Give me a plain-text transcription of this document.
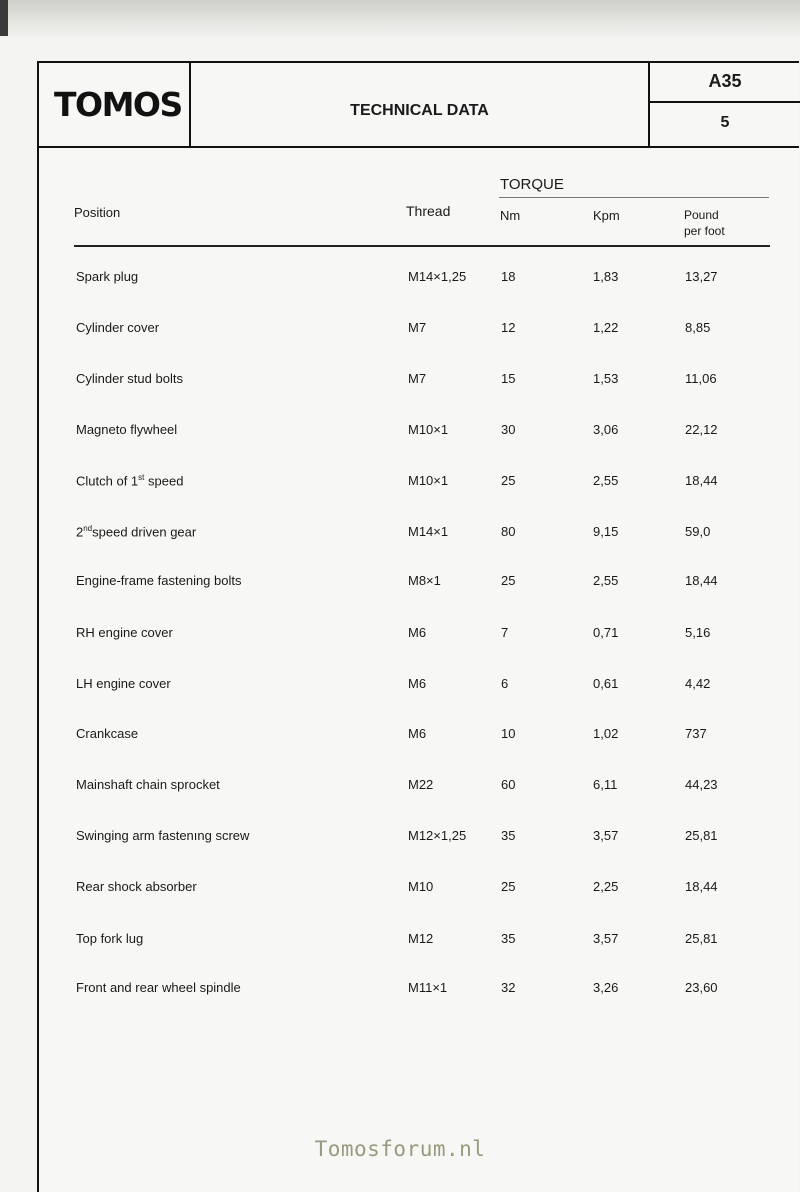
TOMOS	TECHNICAL DATA
A35
5
Position	Thread
TORQUE
Nm	Kpm	Pound
per foot
Spark plug	M14×1,25	18	1,83	13,27
Cylinder cover	M7	12	1,22	8,85
Cylinder stud bolts	M7	15	1,53	11,06
Magneto flywheel	M10×1	30	3,06	22,12
Clutch of 1st speed	M10×1	25	2,55	18,44
2ndspeed driven gear	M14×1	80	9,15	59,0
Engine-frame fastening bolts	M8×1	25	2,55	18,44
RH engine cover	M6	7	0,71	5,16
LH engine cover	M6	6	0,61	4,42
Crankcase	M6	10	1,02	737
Mainshaft chain sprocket	M22	60	6,11	44,23
Swinging arm fastenıng screw	M12×1,25	35	3,57	25,81
Rear shock absorber	M10	25	2,25	18,44
Top fork lug	M12	35	3,57	25,81
Front and rear wheel spindle	M11×1	32	3,26	23,60
Tomosforum.nl
